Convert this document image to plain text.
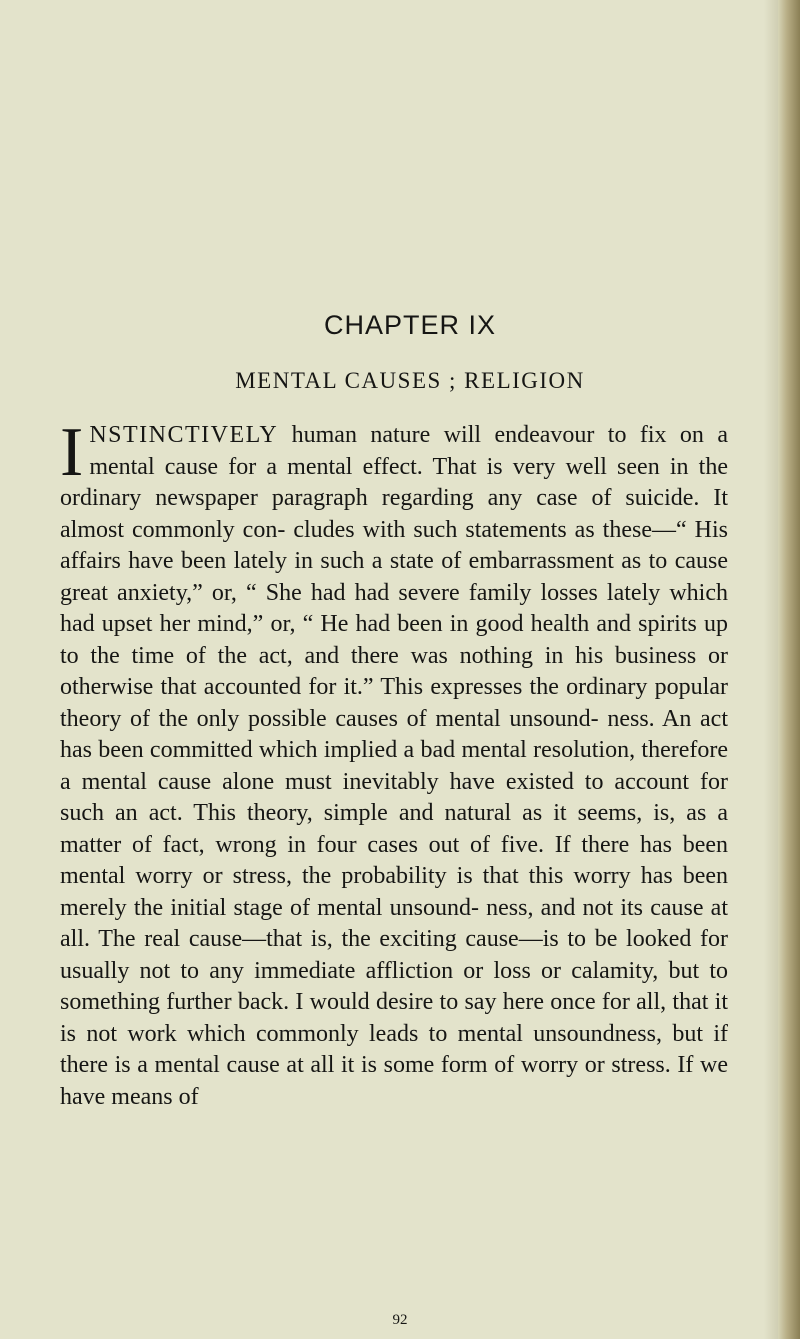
CHAPTER IX
MENTAL CAUSES ; RELIGION

INSTINCTIVELY human nature will endeavour to fix on a mental cause for a mental effect. That is very well seen in the ordinary newspaper paragraph regarding any case of suicide. It almost commonly con- cludes with such statements as these—“ His affairs have been lately in such a state of embarrassment as to cause great anxiety,” or, “ She had had severe family losses lately which had upset her mind,” or, “ He had been in good health and spirits up to the time of the act, and there was nothing in his business or otherwise that accounted for it.” This expresses the ordinary popular theory of the only possible causes of mental unsound- ness. An act has been committed which implied a bad mental resolution, therefore a mental cause alone must inevitably have existed to account for such an act. This theory, simple and natural as it seems, is, as a matter of fact, wrong in four cases out of five. If there has been mental worry or stress, the probability is that this worry has been merely the initial stage of mental unsound- ness, and not its cause at all. The real cause—that is, the exciting cause—is to be looked for usually not to any immediate affliction or loss or calamity, but to something further back. I would desire to say here once for all, that it is not work which commonly leads to mental unsoundness, but if there is a mental cause at all it is some form of worry or stress. If we have means of

92
